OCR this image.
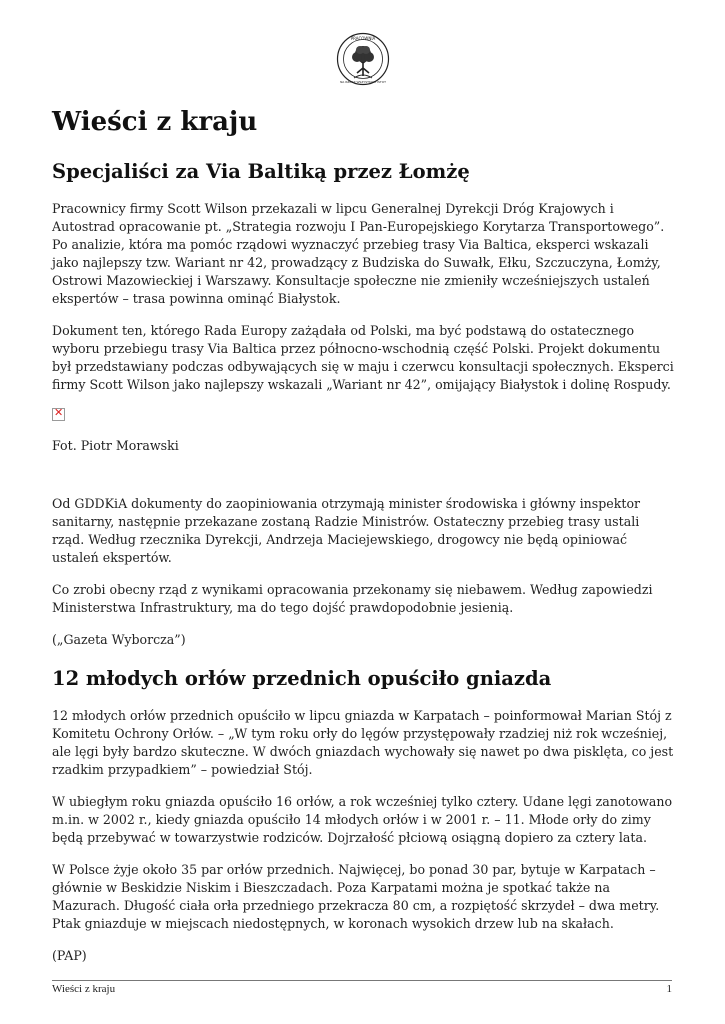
PRACOWNIA
NA RZECZ WSZYSTKICH ISTOT
Wieści z kraju
Specjaliści za Via Baltiką przez Łomżę

Pracownicy firmy Scott Wilson przekazali w lipcu Generalnej Dyrekcji Dróg Krajowych i Autostrad opracowanie pt. „Strategia rozwoju I Pan-Europejskiego Korytarza Transportowego”. Po analizie, która ma pomóc rządowi wyznaczyć przebieg trasy Via Baltica, eksperci wskazali jako najlepszy tzw. Wariant nr 42, prowadzący z Budziska do Suwałk, Ełku, Szczuczyna, Łomży, Ostrowi Mazowieckiej i Warszawy. Konsultacje społeczne nie zmieniły wcześniejszych ustaleń ekspertów – trasa powinna ominąć Białystok.

Dokument ten, którego Rada Europy zażądała od Polski, ma być podstawą do ostatecznego wyboru przebiegu trasy Via Baltica przez północno-wschodnią część Polski. Projekt dokumentu był przedstawiany podczas odbywających się w maju i czerwcu konsultacji społecznych. Eksperci firmy Scott Wilson jako najlepszy wskazali „Wariant nr 42”, omijający Białystok i dolinę Rospudy.

✕

Fot. Piotr Morawski

Od GDDKiA dokumenty do zaopiniowania otrzymają minister środowiska i główny inspektor sanitarny, następnie przekazane zostaną Radzie Ministrów. Ostateczny przebieg trasy ustali rząd. Według rzecznika Dyrekcji, Andrzeja Maciejewskiego, drogowcy nie będą opiniować ustaleń ekspertów.

Co zrobi obecny rząd z wynikami opracowania przekonamy się niebawem. Według zapowiedzi Ministerstwa Infrastruktury, ma do tego dojść prawdopodobnie jesienią.

(„Gazeta Wyborcza”)

12 młodych orłów przednich opuściło gniazda

12 młodych orłów przednich opuściło w lipcu gniazda w Karpatach – poinformował Marian Stój z Komitetu Ochrony Orłów. – „W tym roku orły do lęgów przystępowały rzadziej niż rok wcześniej, ale lęgi były bardzo skuteczne. W dwóch gniazdach wychowały się nawet po dwa pisklęta, co jest rzadkim przypadkiem” – powiedział Stój.

W ubiegłym roku gniazda opuściło 16 orłów, a rok wcześniej tylko cztery. Udane lęgi zanotowano m.in. w 2002 r., kiedy gniazda opuściło 14 młodych orłów i w 2001 r. – 11. Młode orły do zimy będą przebywać w towarzystwie rodziców. Dojrzałość płciową osiągną dopiero za cztery lata.

W Polsce żyje około 35 par orłów przednich. Najwięcej, bo ponad 30 par, bytuje w Karpatach – głównie w Beskidzie Niskim i Bieszczadach. Poza Karpatami można je spotkać także na Mazurach. Długość ciała orła przedniego przekracza 80 cm, a rozpiętość skrzydeł – dwa metry. Ptak gniazduje w miejscach niedostępnych, w koronach wysokich drzew lub na skałach.

(PAP)

Wieści z kraju	1
